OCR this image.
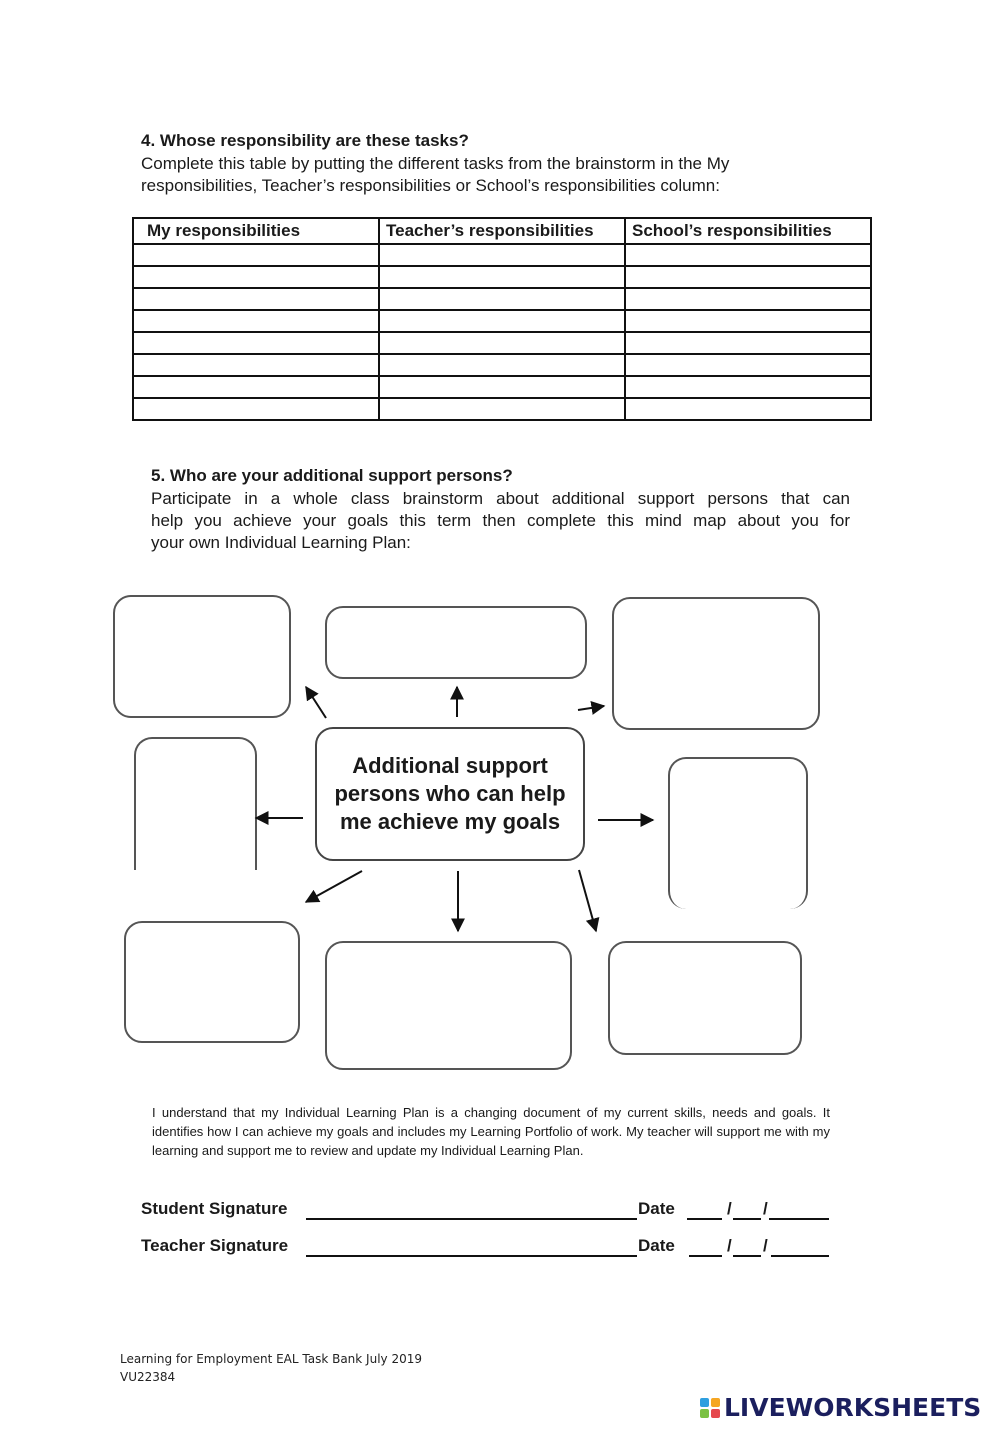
4. Whose responsibility are these tasks?

Complete this table by putting the different tasks from the brainstorm in the My

responsibilities, Teacher’s responsibilities or School’s responsibilities column:

My responsibilities	Teacher’s responsibilities	School’s responsibilities

5. Who are your additional support persons?

Participate in a whole class brainstorm about additional support persons that can

help you achieve your goals this term then complete this mind map about you for

your own Individual Learning Plan:

Additional support persons who can help me achieve my goals

I understand that my Individual Learning Plan is a changing document of my current skills, needs and goals. It identifies how I can achieve my goals and includes my Learning Portfolio of work. My teacher will support me with my learning and support me to review and update my Individual Learning Plan.

Student Signature	Date	/ /
Teacher Signature	Date	/ /
Learning for Employment EAL Task Bank July 2019
VU22384
LIVEWORKSHEETS
